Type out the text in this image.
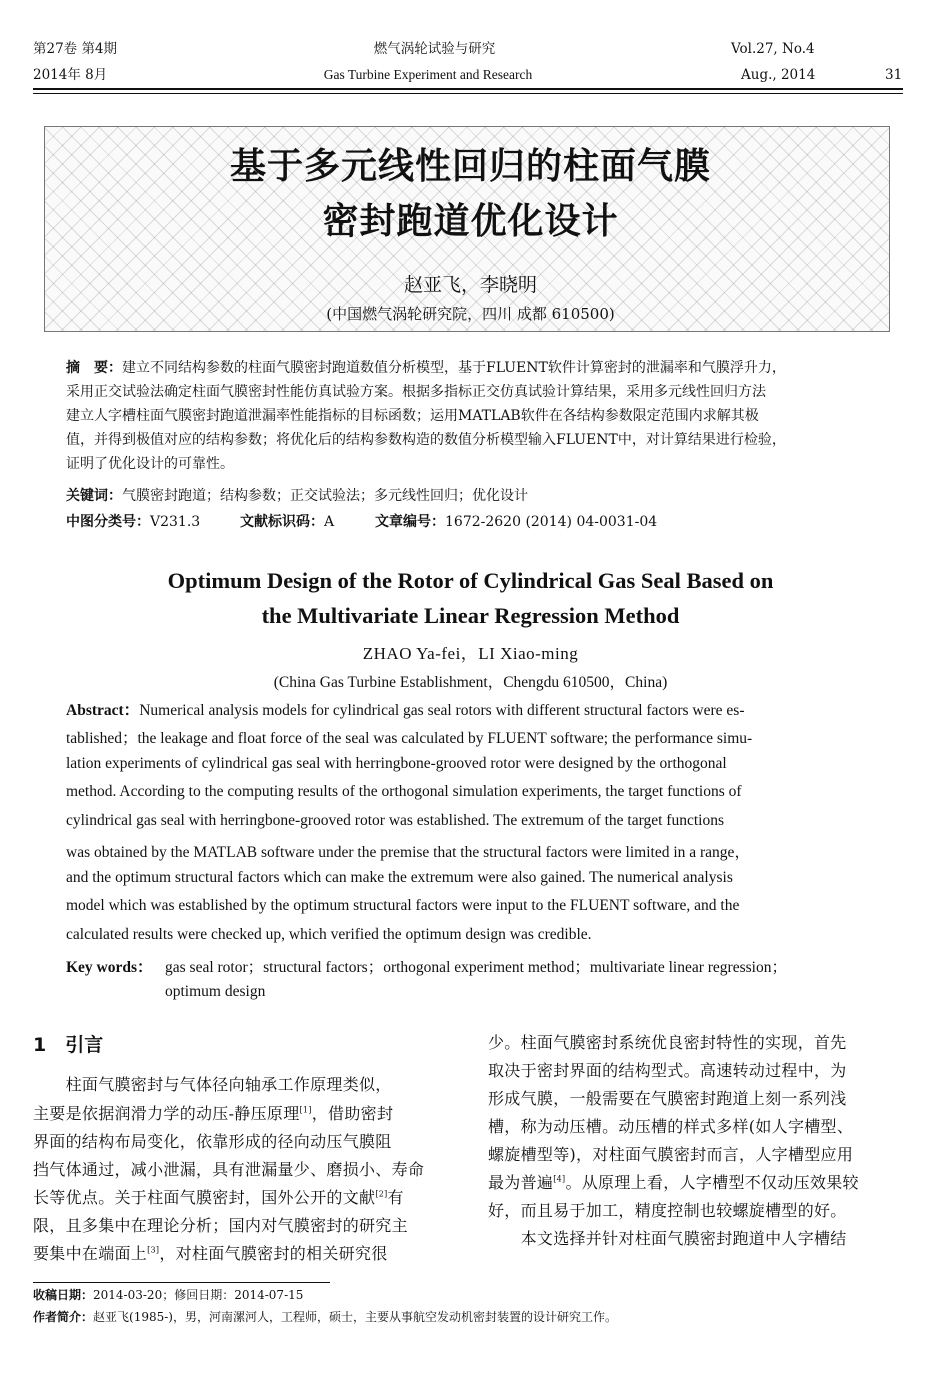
第27卷 第4期	燃气涡轮试验与研究	Vol.27, No.4
2014年 8月	Gas Turbine Experiment and Research	Aug., 2014	31
基于多元线性回归的柱面气膜
密封跑道优化设计
赵亚飞，李晓明
(中国燃气涡轮研究院，四川 成都 610500)
摘　要：建立不同结构参数的柱面气膜密封跑道数值分析模型，基于FLUENT软件计算密封的泄漏率和气膜浮升力，
采用正交试验法确定柱面气膜密封性能仿真试验方案。根据多指标正交仿真试验计算结果，采用多元线性回归方法
建立人字槽柱面气膜密封跑道泄漏率性能指标的目标函数；运用MATLAB软件在各结构参数限定范围内求解其极
值，并得到极值对应的结构参数；将优化后的结构参数构造的数值分析模型输入FLUENT中，对计算结果进行检验，
证明了优化设计的可靠性。
关键词：气膜密封跑道；结构参数；正交试验法；多元线性回归；优化设计
中图分类号：V231.3	文献标识码：A	文章编号：1672-2620 (2014) 04-0031-04
Optimum Design of the Rotor of Cylindrical Gas Seal Based on
the Multivariate Linear Regression Method
ZHAO Ya-fei，LI Xiao-ming
(China Gas Turbine Establishment，Chengdu 610500，China)
Abstract：Numerical analysis models for cylindrical gas seal rotors with different structural factors were es-
tablished；the leakage and float force of the seal was calculated by FLUENT software; the performance simu-
lation experiments of cylindrical gas seal with herringbone-grooved rotor were designed by the orthogonal
method. According to the computing results of the orthogonal simulation experiments, the target functions of
cylindrical gas seal with herringbone-grooved rotor was established. The extremum of the target functions
was obtained by the MATLAB software under the premise that the structural factors were limited in a range，
and the optimum structural factors which can make the extremum were also gained. The numerical analysis
model which was established by the optimum structural factors were input to the FLUENT software, and the
calculated results were checked up, which verified the optimum design was credible.
Key words： gas seal rotor；structural factors；orthogonal experiment method；multivariate linear regression；
optimum design
1　引言
　　柱面气膜密封与气体径向轴承工作原理类似，
主要是依据润滑力学的动压-静压原理[1]，借助密封
界面的结构布局变化，依靠形成的径向动压气膜阻
挡气体通过，减小泄漏，具有泄漏量少、磨损小、寿命
长等优点。关于柱面气膜密封，国外公开的文献[2]有
限，且多集中在理论分析；国内对气膜密封的研究主
要集中在端面上[3]，对柱面气膜密封的相关研究很
少。柱面气膜密封系统优良密封特性的实现，首先
取决于密封界面的结构型式。高速转动过程中，为
形成气膜，一般需要在气膜密封跑道上刻一系列浅
槽，称为动压槽。动压槽的样式多样(如人字槽型、
螺旋槽型等)，对柱面气膜密封而言，人字槽型应用
最为普遍[4]。从原理上看，人字槽型不仅动压效果较
好，而且易于加工，精度控制也较螺旋槽型的好。
　　本文选择并针对柱面气膜密封跑道中人字槽结
收稿日期：2014-03-20；修回日期：2014-07-15
作者简介：赵亚飞(1985-)，男，河南漯河人，工程师，硕士，主要从事航空发动机密封装置的设计研究工作。
